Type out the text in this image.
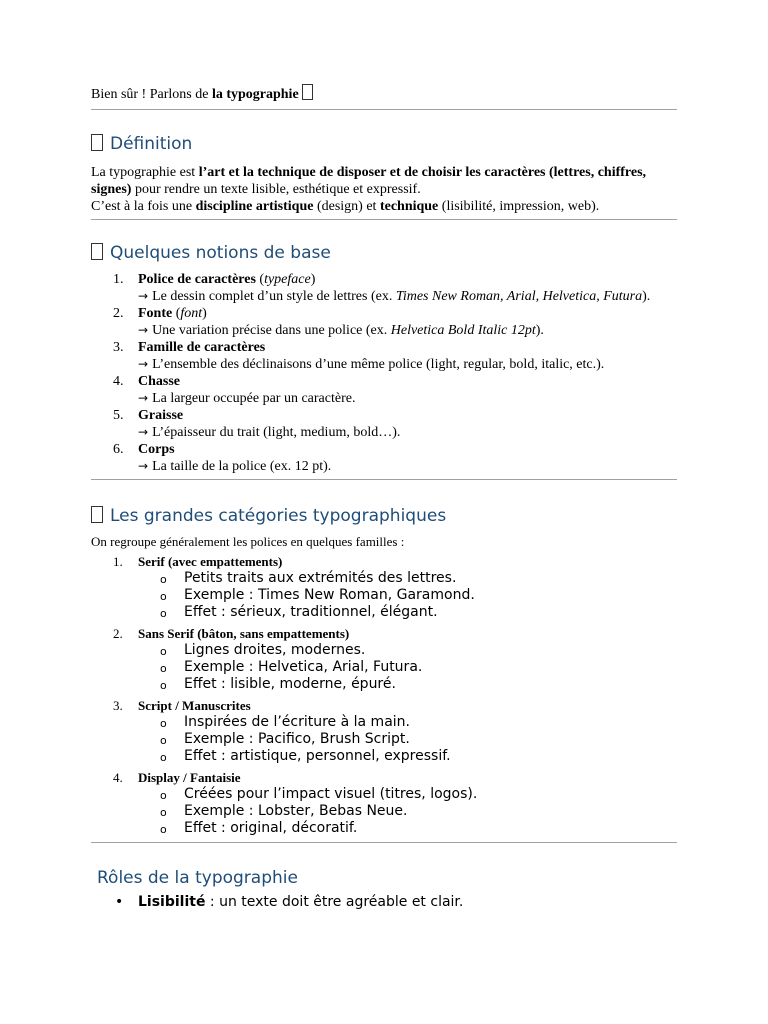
Bien sûr ! Parlons de la typographie

Définition

La typographie est l’art et la technique de disposer et de choisir les caractères (lettres, chiffres, signes) pour rendre un texte lisible, esthétique et expressif.
C’est à la fois une discipline artistique (design) et technique (lisibilité, impression, web).

Quelques notions de base
1. Police de caractères (typeface)
→ Le dessin complet d’un style de lettres (ex. Times New Roman, Arial, Helvetica, Futura).
2. Fonte (font)
→ Une variation précise dans une police (ex. Helvetica Bold Italic 12pt).
3. Famille de caractères
→ L’ensemble des déclinaisons d’une même police (light, regular, bold, italic, etc.).
4. Chasse
→ La largeur occupée par un caractère.
5. Graisse
→ L’épaisseur du trait (light, medium, bold…).
6. Corps
→ La taille de la police (ex. 12 pt).
Les grandes catégories typographiques

On regroupe généralement les polices en quelques familles :

1. Serif (avec empattements)
o Petits traits aux extrémités des lettres.
o Exemple : Times New Roman, Garamond.
o Effet : sérieux, traditionnel, élégant.
2. Sans Serif (bâton, sans empattements)
o Lignes droites, modernes.
o Exemple : Helvetica, Arial, Futura.
o Effet : lisible, moderne, épuré.
3. Script / Manuscrites
o Inspirées de l’écriture à la main.
o Exemple : Pacifico, Brush Script.
o Effet : artistique, personnel, expressif.
4. Display / Fantaisie
o Créées pour l’impact visuel (titres, logos).
o Exemple : Lobster, Bebas Neue.
o Effet : original, décoratif.
Rôles de la typographie
• Lisibilité : un texte doit être agréable et clair.
